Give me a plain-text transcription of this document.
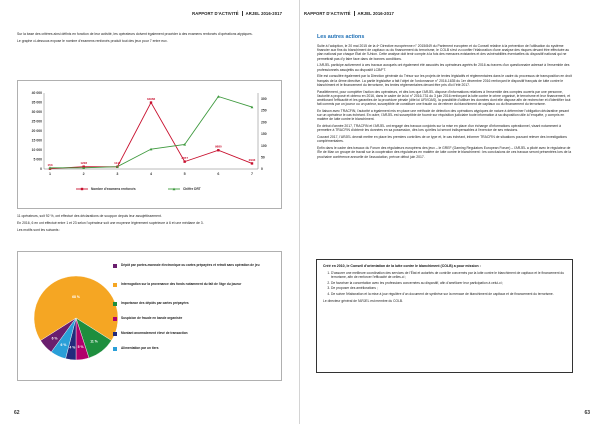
RAPPORT D'ACTIVITÉ	ARJEL 2016-2017

Sur la base des critères ainsi définis en fonction de leur activité, les opérateurs doivent également procéder à des examens renforcés d'opérations atypiques.

Le graphe ci-dessous expose le nombre d'examens renforcés produit tout des jeux pour 7 entre eux.

0
5 000
10 000
15 000
20 000
25 000
30 000
35 000
40 000
0
50
100
150
200
250
300
1	2	3	4	5	6	7
153
1228	1147
34966
3877
9880
2933
Nombre d'examens renforcés	Chiffre DRT

11 opérateurs, soit 92 %, ont effectué des déclarations de soupçon depuis leur assujettissement.

En 2016, 6 en ont effectué entre 1 et 23 selon l'opérateur soit une moyenne légèrement supérieure à 6 et une médiane de 3.

Les motifs sont les suivants :

6 %
68 %
11 %
5 %
4 %
6 %
Dépôt par portes-monnaie électronique ou cartes prépayées et retrait sans opération de jeu
Interrogation sur la provenance des fonds notamment du fait de l'âge du joueur
Importance des dépôts par cartes prépayées
Suspicion de fraude en bande organisée
Montant anormalement élevé de transaction
Alimentation par un tiers
62
RAPPORT D'ACTIVITÉ	ARJEL 2016-2017
Les autres actions

Suite à l'adoption, le 20 mai 2015 de la 4ᵉ Directive européenne n° 2015/849 du Parlement européen et du Conseil relative à la prévention de l'utilisation du système financier aux fins du blanchiment de capitaux ou du financement du terrorisme, le COLB s'est vu confier l'élaboration d'une analyse des risques devant être effectuée au plan national par chaque État de l'Union. Cette analyse doit tenir compte à la fois des menaces existantes et des vulnérabilités éventuelles du dispositif national qui ne permettrait pas d'y faire face dans de bonnes conditions.

L'ARJEL participe activement à ces travaux auxquels ont également été associés les opérateurs agréés fin 2016 au travers d'un questionnaire adressé à l'ensemble des professionnels assujettis au dispositif LCB/FT.

Elle est consultée également par la Direction générale du Trésor sur les projets de textes législatifs et réglementaires dans le cadre du processus de transposition en droit français de la 4ème directive. La partie législative a fait l'objet de l'ordonnance n° 2016-1635 du 1er décembre 2016 renforçant le dispositif français de lutte contre le blanchiment et le financement du terrorisme, les textes réglementaires devant être pris d'ici l'été 2017.

Parallèlement, pour compléter l'action des opérateurs, et dès lors que l'ARJEL dispose d'informations relatives à l'ensemble des comptes ouverts par une personne, l'autorité a proposé et obtenu en 2016, dans le cadre de la loi n° 2016-731 du 3 juin 2016 renforçant la lutte contre le crime organisé, le terrorisme et leur financement, et améliorant l'efficacité et les garanties de la procédure pénale (dite loi URVOAS), la possibilité d'utiliser les données dont elle dispose afin de rechercher et d'identifier tout fait commis par un joueur ou un parieur, susceptible de constituer une fraude ou de relever du blanchiment de capitaux ou du financement du terrorisme.

En liaison avec TRACFIN, l'autorité a également mis en place une méthode de détection des opérations atypiques de nature à déterminer l'obligation déclarative pesant sur un opérateur le cas échéant. En outre, l'ARJEL est susceptible de fournir sur réquisition judiciaire toute information à sa disposition utile à l'enquête, y compris en matière de lutte contre le blanchiment.

En début d'année 2017, TRACFIN et l'ARJEL ont engagé des travaux conjoints sur la mise en place d'un échange d'informations opérationnel, visant notamment à permettre à TRACFIN d'obtenir les données en sa possession, dès lors qu'elles lui seront indispensables à l'exercice de ses missions.

Courant 2017, l'ARJEL devrait mettre en place les premiers contrôles de ce type et, le cas échéant, informer TRACFIN de situations pouvant relever des investigations complémentaires.

Enfin dans le cadre des travaux du Forum des régulateurs européens des jeux – le GREF (Gaming Regulators European Forum) – l'ARJEL a piloté avec le régulateur de l'Île de Man un groupe de travail sur la coopération des régulateurs en matière de lutte contre le blanchiment : les conclusions de ces travaux seront présentées lors de la prochaine conférence annuelle de l'association, prévue début juin 2017.

Créé en 2010, le Conseil d'orientation de la lutte contre le blanchiment (COLB) a pour mission :
1. D'assurer une meilleure coordination des services de l'État et autorités de contrôle concernés par la lutte contre le blanchiment de capitaux et le financement du terrorisme, afin de renforcer l'efficacité de celles-ci ;
2. De favoriser la concertation avec les professions concernées au dispositif, afin d'améliorer leur participation à celui-ci ;
3. De proposer des améliorations ;
4. De suivre l'élaboration et la mise à jour régulière d'un document de synthèse sur la menace de blanchiment de capitaux et de financement du terrorisme.

Le directeur général de l'ARJEL est membre du COLB.

63
